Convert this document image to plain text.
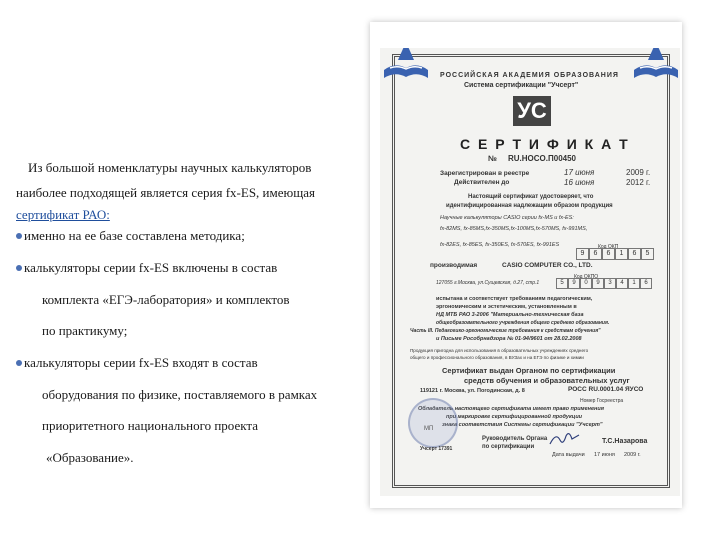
Из большой номенклатуры научных калькуляторов
наиболее подходящей является серия fx-ES, имеющая
сертификат РАО:
именно на ее базе составлена методика;
калькуляторы серии fx-ES включены в состав
комплекта «ЕГЭ-лаборатория» и комплектов
по практикуму;
калькуляторы серии fx-ES входят в состав
оборудования по физике, поставляемого в рамках
приоритетного национального проекта
«Образование».
РОССИЙСКАЯ АКАДЕМИЯ ОБРАЗОВАНИЯ
Система сертификации "Учсерт"
УС
С Е Р Т И Ф И К А Т
№ RU.HOCO.П00450
Зарегистрирован в реестре	17 июня	2009 г.
Действителен до	16 июня	2012 г.
Настоящий сертификат удостоверяет, что
идентифицированная надлежащим образом продукция
Научные калькуляторы CASIO серии fx-MS и fx-ES:
fx-82MS, fx-85MS,fx-350MS,fx-100MS,fx-570MS, fx-991MS,
fx-82ES, fx-85ES, fx-350ES, fx-570ES, fx-991ES	Код ОКП
9	6	6	1	6	5
производимая	CASIO COMPUTER CO., LTD.
127055 г.Москва, ул.Сущевская, д.27, стр.1
Код ОКПО
5	9	0	9	3	4	1	6
испытана и соответствует требованиям педагогическим,
эргономическим и эстетическим, установленным в
НД МТБ РАО 3-2006 "Материально-техническая база
общеобразовательного учреждения общего среднего образования.
Часть III. Педагогико-эргономические требования к средствам обучения"
и Письме Рособрнадзора № 01-94/9601 от 28.02.2008
Продукция пригодна для использования в образовательных учреждениях среднего
общего и профессионального образования, в ВУЗах и на ЕГЭ по физике и химии
Сертификат выдан Органом по сертификации
средств обучения и образовательных услуг
119121 г. Москва, ул. Погодинская, д. 8	РОСС RU.0001.04 ЯУСО
Номер Госреестра
Обладатель настоящего сертификата имеет право применения
при маркировке сертифицированной продукции
знака соответствия Системы сертификации "Учсерт"
МП
Руководитель Органа
по сертификации
Т.С.Назарова
Учсерт 17391
Дата выдачи 17 июня 2009 г.
